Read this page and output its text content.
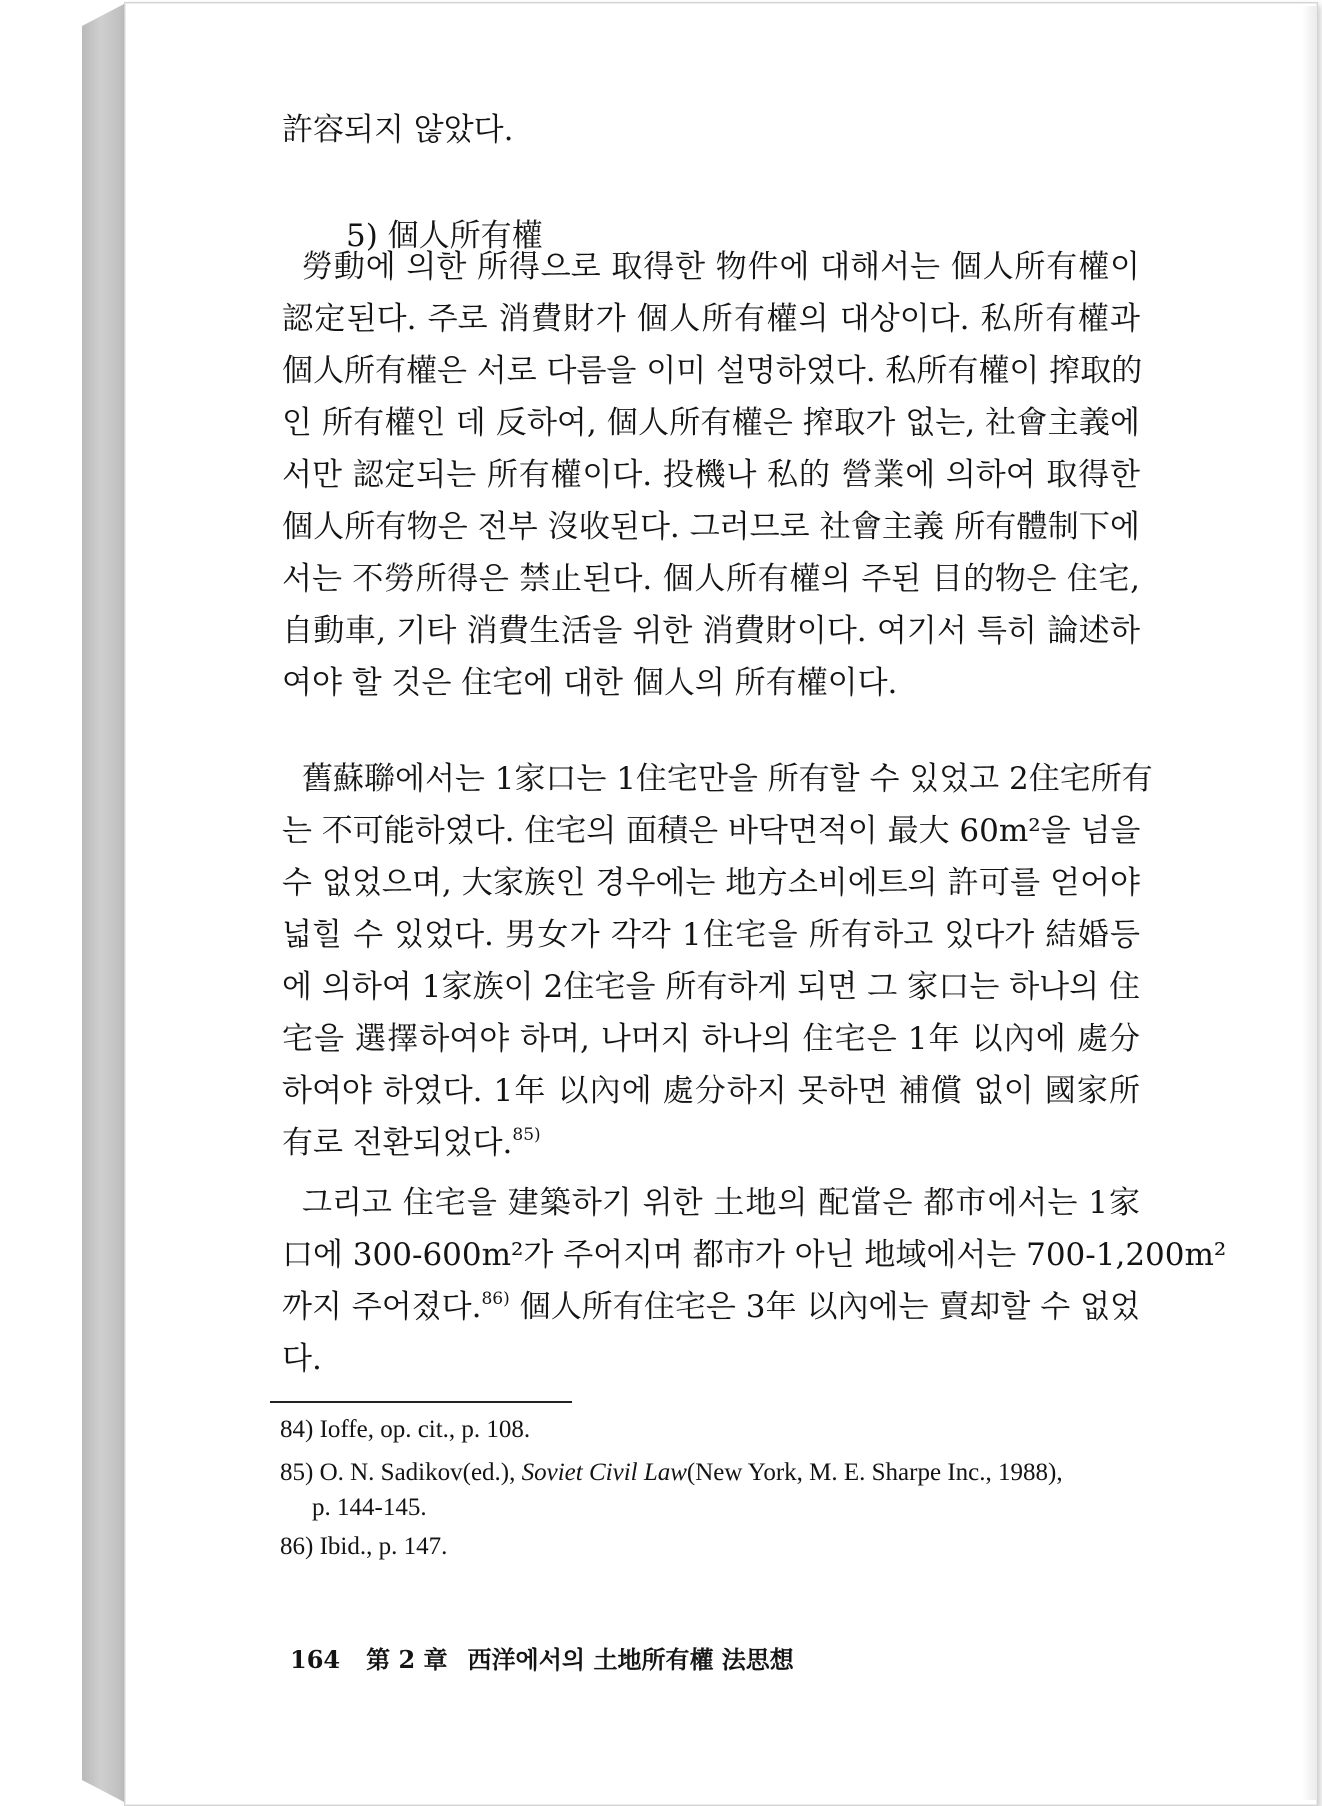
許容되지 않았다.
5) 個人所有權
勞動에 의한 所得으로 取得한 物件에 대해서는 個人所有權이
認定된다. 주로 消費財가 個人所有權의 대상이다. 私所有權과
個人所有權은 서로 다름을 이미 설명하였다. 私所有權이 搾取的
인 所有權인 데 反하여, 個人所有權은 搾取가 없는, 社會主義에
서만 認定되는 所有權이다. 投機나 私的 營業에 의하여 取得한
個人所有物은 전부 沒收된다. 그러므로 社會主義 所有體制下에
서는 不勞所得은 禁止된다. 個人所有權의 주된 目的物은 住宅,
自動車, 기타 消費生活을 위한 消費財이다. 여기서 특히 論述하
여야 할 것은 住宅에 대한 個人의 所有權이다.
舊蘇聯에서는 1家口는 1住宅만을 所有할 수 있었고 2住宅所有
는 不可能하였다. 住宅의 面積은 바닥면적이 最大 60m²을 넘을
수 없었으며, 大家族인 경우에는 地方소비에트의 許可를 얻어야
넓힐 수 있었다. 男女가 각각 1住宅을 所有하고 있다가 結婚등
에 의하여 1家族이 2住宅을 所有하게 되면 그 家口는 하나의 住
宅을 選擇하여야 하며, 나머지 하나의 住宅은 1年 以內에 處分
하여야 하였다. 1年 以內에 處分하지 못하면 補償 없이 國家所
有로 전환되었다.$^{85)}$
그리고 住宅을 建築하기 위한 土地의 配當은 都市에서는 1家
口에 300-600m²가 주어지며 都市가 아닌 地域에서는 700-1,200m²
까지 주어졌다.$^{86)}$ 個人所有住宅은 3年 以內에는 賣却할 수 없었
다.
84) Ioffe, op. cit., p. 108.
85) O. N. Sadikov(ed.), Soviet Civil Law(New York, M. E. Sharpe Inc., 1988),
p. 144-145.
86) Ibid., p. 147.
164 第 2 章 西洋에서의 土地所有權 法思想
